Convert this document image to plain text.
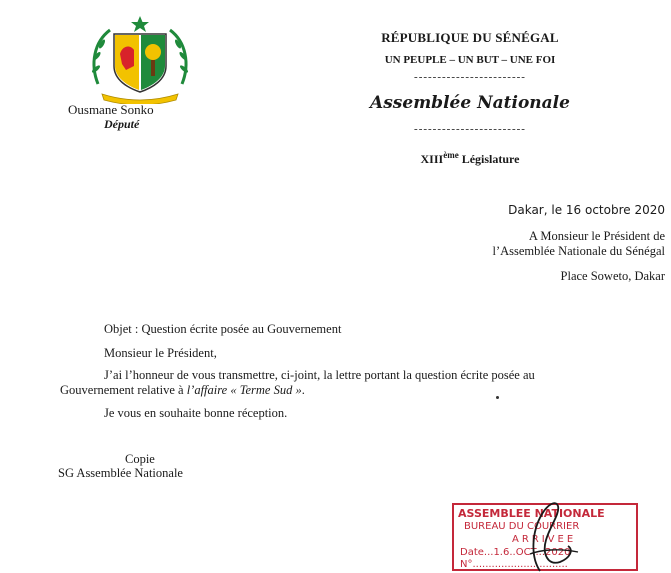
Ousmane Sonko
Député
RÉPUBLIQUE DU SÉNÉGAL
UN PEUPLE – UN BUT – UNE FOI
------------------------
Assemblée Nationale
------------------------
XIIIème Législature
Dakar, le 16 octobre 2020
A Monsieur le Président de
l’Assemblée Nationale du Sénégal
Place Soweto, Dakar
Objet : Question écrite posée au Gouvernement
Monsieur le Président,
J’ai l’honneur de vous transmettre, ci-joint, la lettre portant la question écrite posée au
Gouvernement relative à l’affaire « Terme Sud ».
Je vous en souhaite bonne réception.
Copie
SG Assemblée Nationale
ASSEMBLEE NATIONALE
BUREAU DU COURRIER
ARRIVEE
Date...1.6..OCT...2020
N°..............................
